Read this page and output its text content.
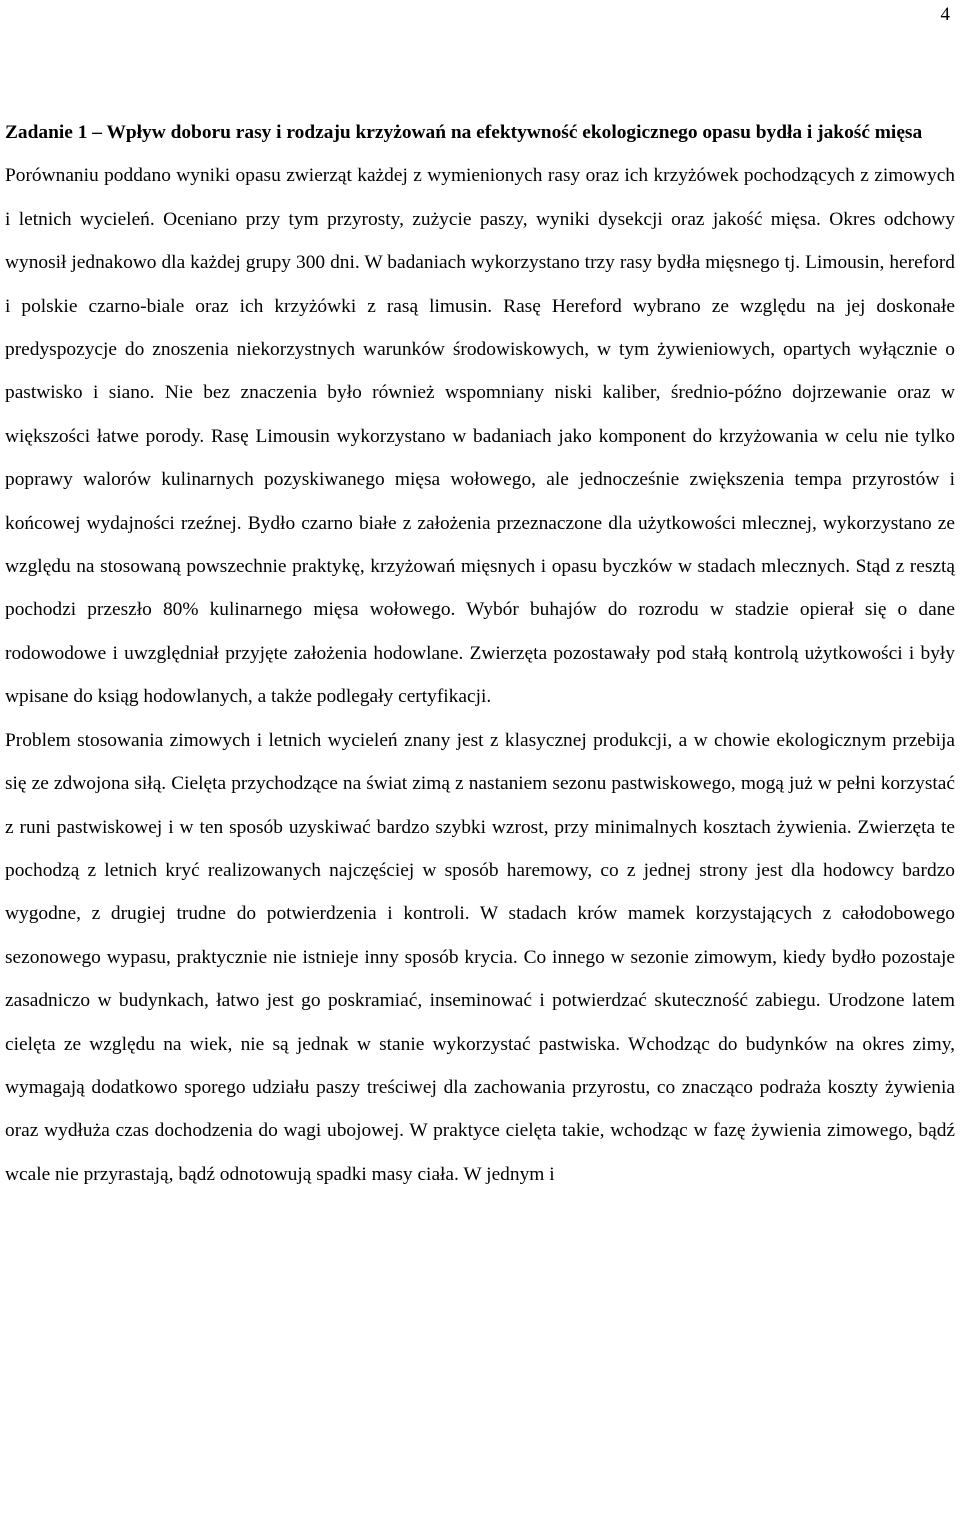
4

Zadanie 1 – Wpływ doboru rasy i rodzaju krzyżowań na efektywność ekologicznego opasu bydła i jakość mięsa

Porównaniu poddano wyniki opasu zwierząt każdej z wymienionych rasy oraz ich krzyżówek pochodzących z zimowych i letnich wycieleń. Oceniano przy tym przyrosty, zużycie paszy, wyniki dysekcji oraz jakość mięsa. Okres odchowy wynosił jednakowo dla każdej grupy 300 dni. W badaniach wykorzystano trzy rasy bydła mięsnego tj. Limousin, hereford i polskie czarno-biale oraz ich krzyżówki z rasą limusin. Rasę Hereford wybrano ze względu na jej doskonałe predyspozycje do znoszenia niekorzystnych warunków środowiskowych, w tym żywieniowych, opartych wyłącznie o pastwisko i siano. Nie bez znaczenia było również wspomniany niski kaliber, średnio-późno dojrzewanie oraz w większości łatwe porody. Rasę Limousin wykorzystano w badaniach jako komponent do krzyżowania w celu nie tylko poprawy walorów kulinarnych pozyskiwanego mięsa wołowego, ale jednocześnie zwiększenia tempa przyrostów i końcowej wydajności rzeźnej. Bydło czarno białe z założenia przeznaczone dla użytkowości mlecznej, wykorzystano ze względu na stosowaną powszechnie praktykę, krzyżowań mięsnych i opasu byczków w stadach mlecznych. Stąd z resztą pochodzi przeszło 80% kulinarnego mięsa wołowego. Wybór buhajów do rozrodu w stadzie opierał się o dane rodowodowe i uwzględniał przyjęte założenia hodowlane. Zwierzęta pozostawały pod stałą kontrolą użytkowości i były wpisane do ksiąg hodowlanych, a także podlegały certyfikacji.

Problem stosowania zimowych i letnich wycieleń znany jest z klasycznej produkcji, a w chowie ekologicznym przebija się ze zdwojona siłą. Cielęta przychodzące na świat zimą z nastaniem sezonu pastwiskowego, mogą już w pełni korzystać z runi pastwiskowej i w ten sposób uzyskiwać bardzo szybki wzrost, przy minimalnych kosztach żywienia. Zwierzęta te pochodzą z letnich kryć realizowanych najczęściej w sposób haremowy, co z jednej strony jest dla hodowcy bardzo wygodne, z drugiej trudne do potwierdzenia i kontroli. W stadach krów mamek korzystających z całodobowego sezonowego wypasu, praktycznie nie istnieje inny sposób krycia. Co innego w sezonie zimowym, kiedy bydło pozostaje zasadniczo w budynkach, łatwo jest go poskramiać, inseminować i potwierdzać skuteczność zabiegu. Urodzone latem cielęta ze względu na wiek, nie są jednak w stanie wykorzystać pastwiska. Wchodząc do budynków na okres zimy, wymagają dodatkowo sporego udziału paszy treściwej dla zachowania przyrostu, co znacząco podraża koszty żywienia oraz wydłuża czas dochodzenia do wagi ubojowej. W praktyce cielęta takie, wchodząc w fazę żywienia zimowego, bądź wcale nie przyrastają, bądź odnotowują spadki masy ciała. W jednym i
